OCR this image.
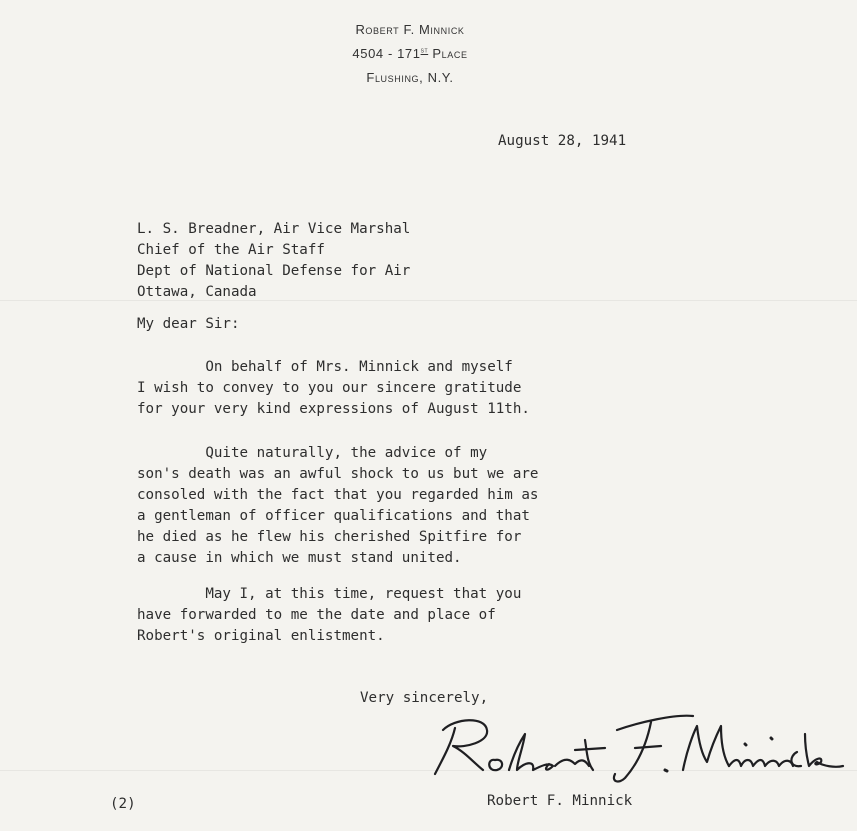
Robert F. Minnick
4504 - 171st Place
Flushing, N.Y.
August 28, 1941
L. S. Breadner, Air Vice Marshal
Chief of the Air Staff
Dept of National Defense for Air
Ottawa, Canada
My dear Sir:
On behalf of Mrs. Minnick and myself
I wish to convey to you our sincere gratitude
for your very kind expressions of August 11th.
Quite naturally, the advice of my
son's death was an awful shock to us but we are
consoled with the fact that you regarded him as
a gentleman of officer qualifications and that
he died as he flew his cherished Spitfire for
a cause in which we must stand united.
May I, at this time, request that you
have forwarded to me the date and place of
Robert's original enlistment.
Very sincerely,
(2)	Robert F. Minnick
